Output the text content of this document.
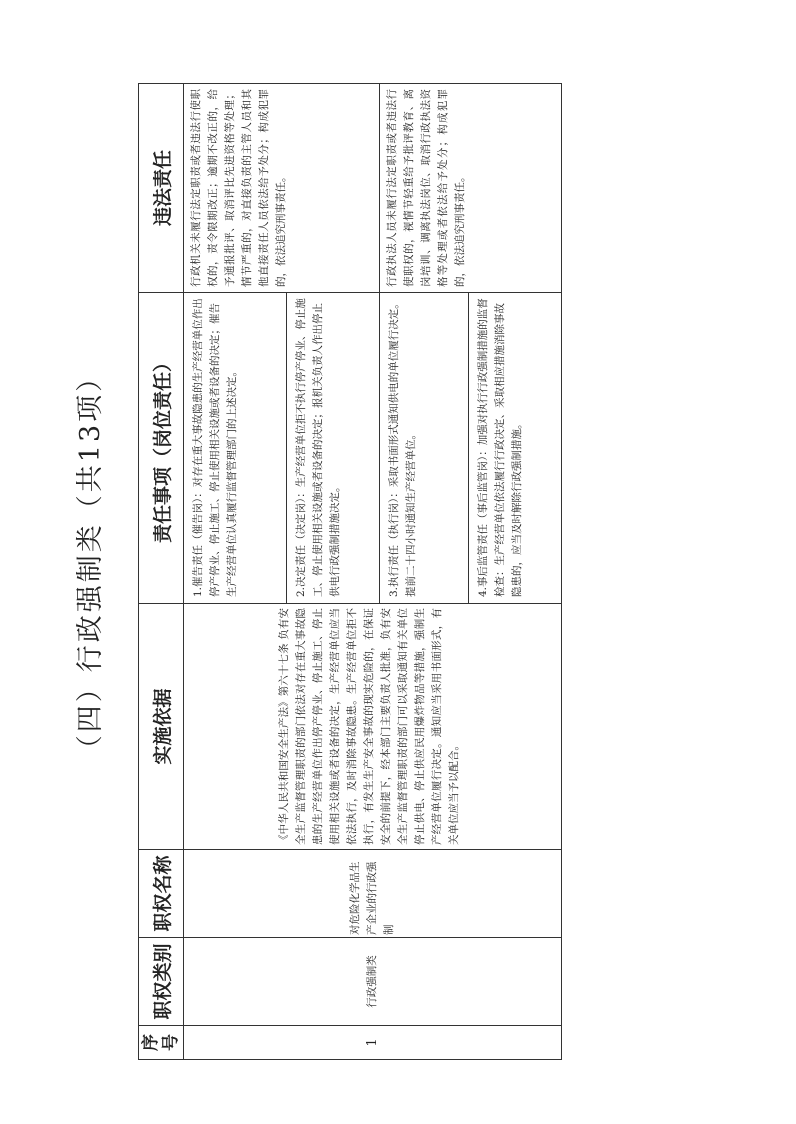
（四）行政强制类（共13项）
序号	职权类别	职权名称	实施依据	责任事项（岗位责任）	违法责任
1	行政强制类	对危险化学品生产企业的行政强制	《中华人民共和国安全生产法》第六十七条 负有安全生产监督管理职责的部门依法对存在重大事故隐患的生产经营单位作出停产停业、停止施工、停止使用相关设施或者设备的决定，生产经营单位应当依法执行，及时消除事故隐患。生产经营单位拒不执行，有发生生产安全事故的现实危险的，在保证安全的前提下，经本部门主要负责人批准，负有安全生产监督管理职责的部门可以采取通知有关单位停止供电、停止供应民用爆炸物品等措施，强制生产经营单位履行决定。通知应当采用书面形式，有关单位应当予以配合。	1.催告责任（催告岗）：对存在重大事故隐患的生产经营单位作出停产停业、停止施工、停止使用相关设施或者设备的决定；催告生产经营单位认真履行监督管理部门的上述决定。	行政机关未履行法定职责或者违法行使职权的，责令限期改正；逾期不改正的，给予通报批评、取消评比先进资格等处理；情节严重的，对直接负责的主管人员和其他直接责任人员依法给予处分；构成犯罪的，依法追究刑事责任。
				2.决定责任（决定岗）：生产经营单位拒不执行停产停业、停止施工、停止使用相关设施或者设备的决定；报机关负责人作出停止供电行政强制措施决定。	
				3.执行责任（执行岗）：采取书面形式通知供电的单位履行决定。提前二十四小时通知生产经营单位。	行政执法人员未履行法定职责或者违法行使职权的，视情节轻重给予批评教育、离岗培训、调离执法岗位、取消行政执法资格等处理或者依法给予处分；构成犯罪的，依法追究刑事责任。
				4.事后监管责任（事后监管岗）：加强对执行行政强制措施的监督检查：生产经营单位依法履行行政决定、采取相应措施消除事故隐患的，应当及时解除行政强制措施。	
